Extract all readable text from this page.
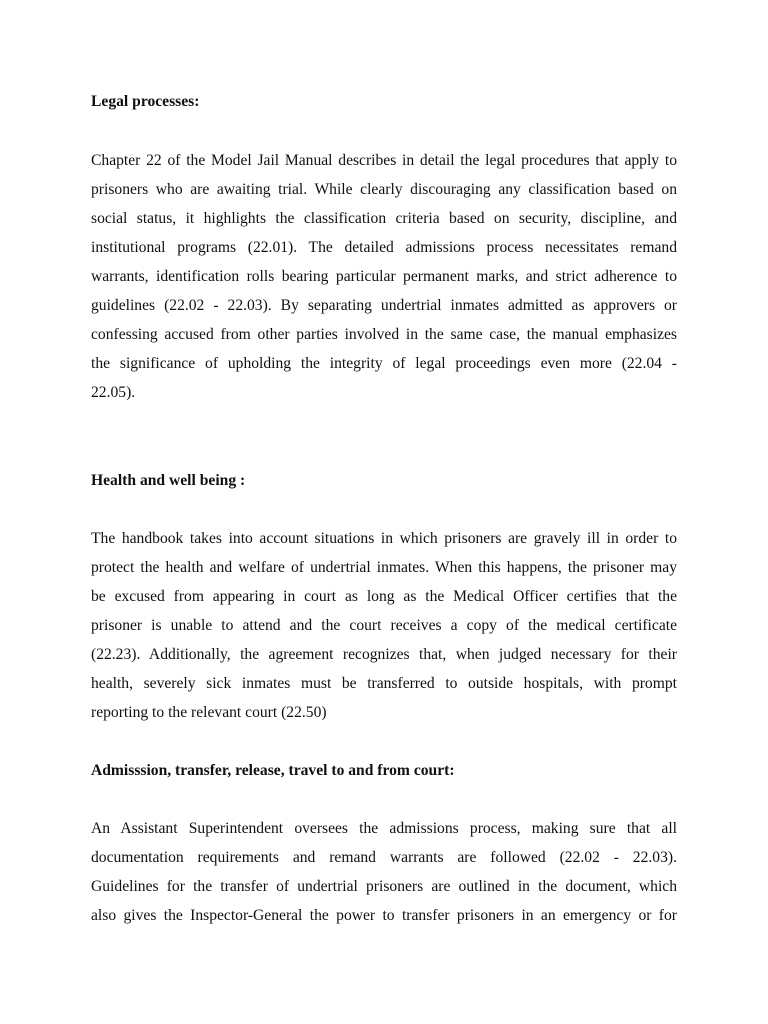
Legal processes:
Chapter 22 of the Model Jail Manual describes in detail the legal procedures that apply to
prisoners who are awaiting trial. While clearly discouraging any classification based on
social status, it highlights the classification criteria based on security, discipline, and
institutional programs (22.01). The detailed admissions process necessitates remand
warrants, identification rolls bearing particular permanent marks, and strict adherence to
guidelines (22.02 - 22.03). By separating undertrial inmates admitted as approvers or
confessing accused from other parties involved in the same case, the manual emphasizes
the significance of upholding the integrity of legal proceedings even more (22.04 -
22.05).
Health and well being :
The handbook takes into account situations in which prisoners are gravely ill in order to
protect the health and welfare of undertrial inmates. When this happens, the prisoner may
be excused from appearing in court as long as the Medical Officer certifies that the
prisoner is unable to attend and the court receives a copy of the medical certificate
(22.23). Additionally, the agreement recognizes that, when judged necessary for their
health, severely sick inmates must be transferred to outside hospitals, with prompt
reporting to the relevant court (22.50)
Admisssion, transfer, release, travel to and from court:
An Assistant Superintendent oversees the admissions process, making sure that all
documentation requirements and remand warrants are followed (22.02 - 22.03).
Guidelines for the transfer of undertrial prisoners are outlined in the document, which
also gives the Inspector-General the power to transfer prisoners in an emergency or for
